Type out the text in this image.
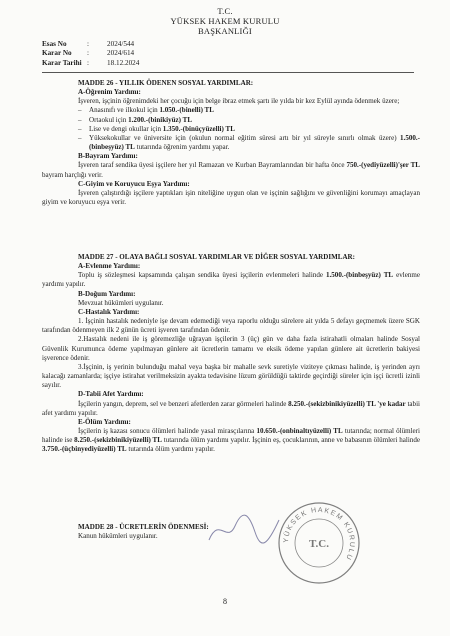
T.C.
YÜKSEK HAKEM KURULU
BAŞKANLIĞI
Esas No	:	2024/544
Karar No	:	2024/614
Karar Tarihi :	18.12.2024

MADDE 26 - YILLIK ÖDENEN SOSYAL YARDIMLAR:

A-Öğrenim Yardımı:

İşveren, işçinin öğrenimdeki her çocuğu için belge ibraz etmek şartı ile yılda bir kez Eylül ayında ödenmek üzere;

–	Anasınıfı ve ilkokul için 1.050.-(binelli) TL

–	Ortaokul için 1.200.-(binikiyüz) TL

–	Lise ve dengi okullar için 1.350.-(binüçyüzelli) TL

–	Yüksekokullar ve üniversite için (okulun normal eğitim süresi artı bir yıl süreyle sınırlı olmak üzere) 1.500.-(binbeşyüz) TL tutarında öğrenim yardımı yapar.

B-Bayram Yardımı:

İşveren taraf sendika üyesi işçilere her yıl Ramazan ve Kurban Bayramlarından bir hafta önce 750.-(yediyüzelli)'şer TL bayram harçlığı verir.

C-Giyim ve Koruyucu Eşya Yardımı:

İşveren çalıştırdığı işçilere yaptıkları işin niteliğine uygun olan ve işçinin sağlığını ve güvenliğini korumayı amaçlayan giyim ve koruyucu eşya verir.

MADDE 27 - OLAYA BAĞLI SOSYAL YARDIMLAR VE DİĞER SOSYAL YARDIMLAR:

A-Evlenme Yardımı:

Toplu iş sözleşmesi kapsamında çalışan sendika üyesi işçilerin evlenmeleri halinde 1.500.-(binbeşyüz) TL evlenme yardımı yapılır.

B-Doğum Yardımı:

Mevzuat hükümleri uygulanır.

C-Hastalık Yardımı:

1. İşçinin hastalık nedeniyle işe devam edemediği veya raporlu olduğu sürelere ait yılda 5 defayı geçmemek üzere SGK tarafından ödenmeyen ilk 2 günün ücreti işveren tarafından ödenir.

2.Hastalık nedeni ile iş göremezliğe uğrayan işçilerin 3 (üç) gün ve daha fazla istirahatli olmaları halinde Sosyal Güvenlik Kurumunca ödeme yapılmayan günlere ait ücretlerin tamamı ve eksik ödeme yapılan günlere ait ücretlerin bakiyesi işverence ödenir.

3.İşçinin, iş yerinin bulunduğu mahal veya başka bir mahalle sevk suretiyle viziteye çıkması halinde, iş yerinden ayrı kalacağı zamanlarda; işçiye istirahat verilmeksizin ayakta tedavisine lüzum görüldüğü taktirde geçirdiği süreler için işçi ücretli izinli sayılır.

D-Tabii Afet Yardımı:

İşçilerin yangın, deprem, sel ve benzeri afetlerden zarar görmeleri halinde 8.250.-(sekizbinikiyüzelli) TL 'ye kadar tabii afet yardımı yapılır.

E-Ölüm Yardımı:

İşçilerin iş kazası sonucu ölümleri halinde yasal mirasçılarına 10.650.-(onbinaltıyüzelli) TL tutarında; normal ölümleri halinde ise 8.250.-(sekizbinikiyüzelli) TL tutarında ölüm yardımı yapılır. İşçinin eş, çocuklarının, anne ve babasının ölümleri halinde 3.750.-(üçbinyediyüzelli) TL tutarında ölüm yardımı yapılır.

MADDE 28 - ÜCRETLERİN ÖDENMESİ:

Kanun hükümleri uygulanır.	YÜKSEK HAKEM KURULU
T.C.
8
